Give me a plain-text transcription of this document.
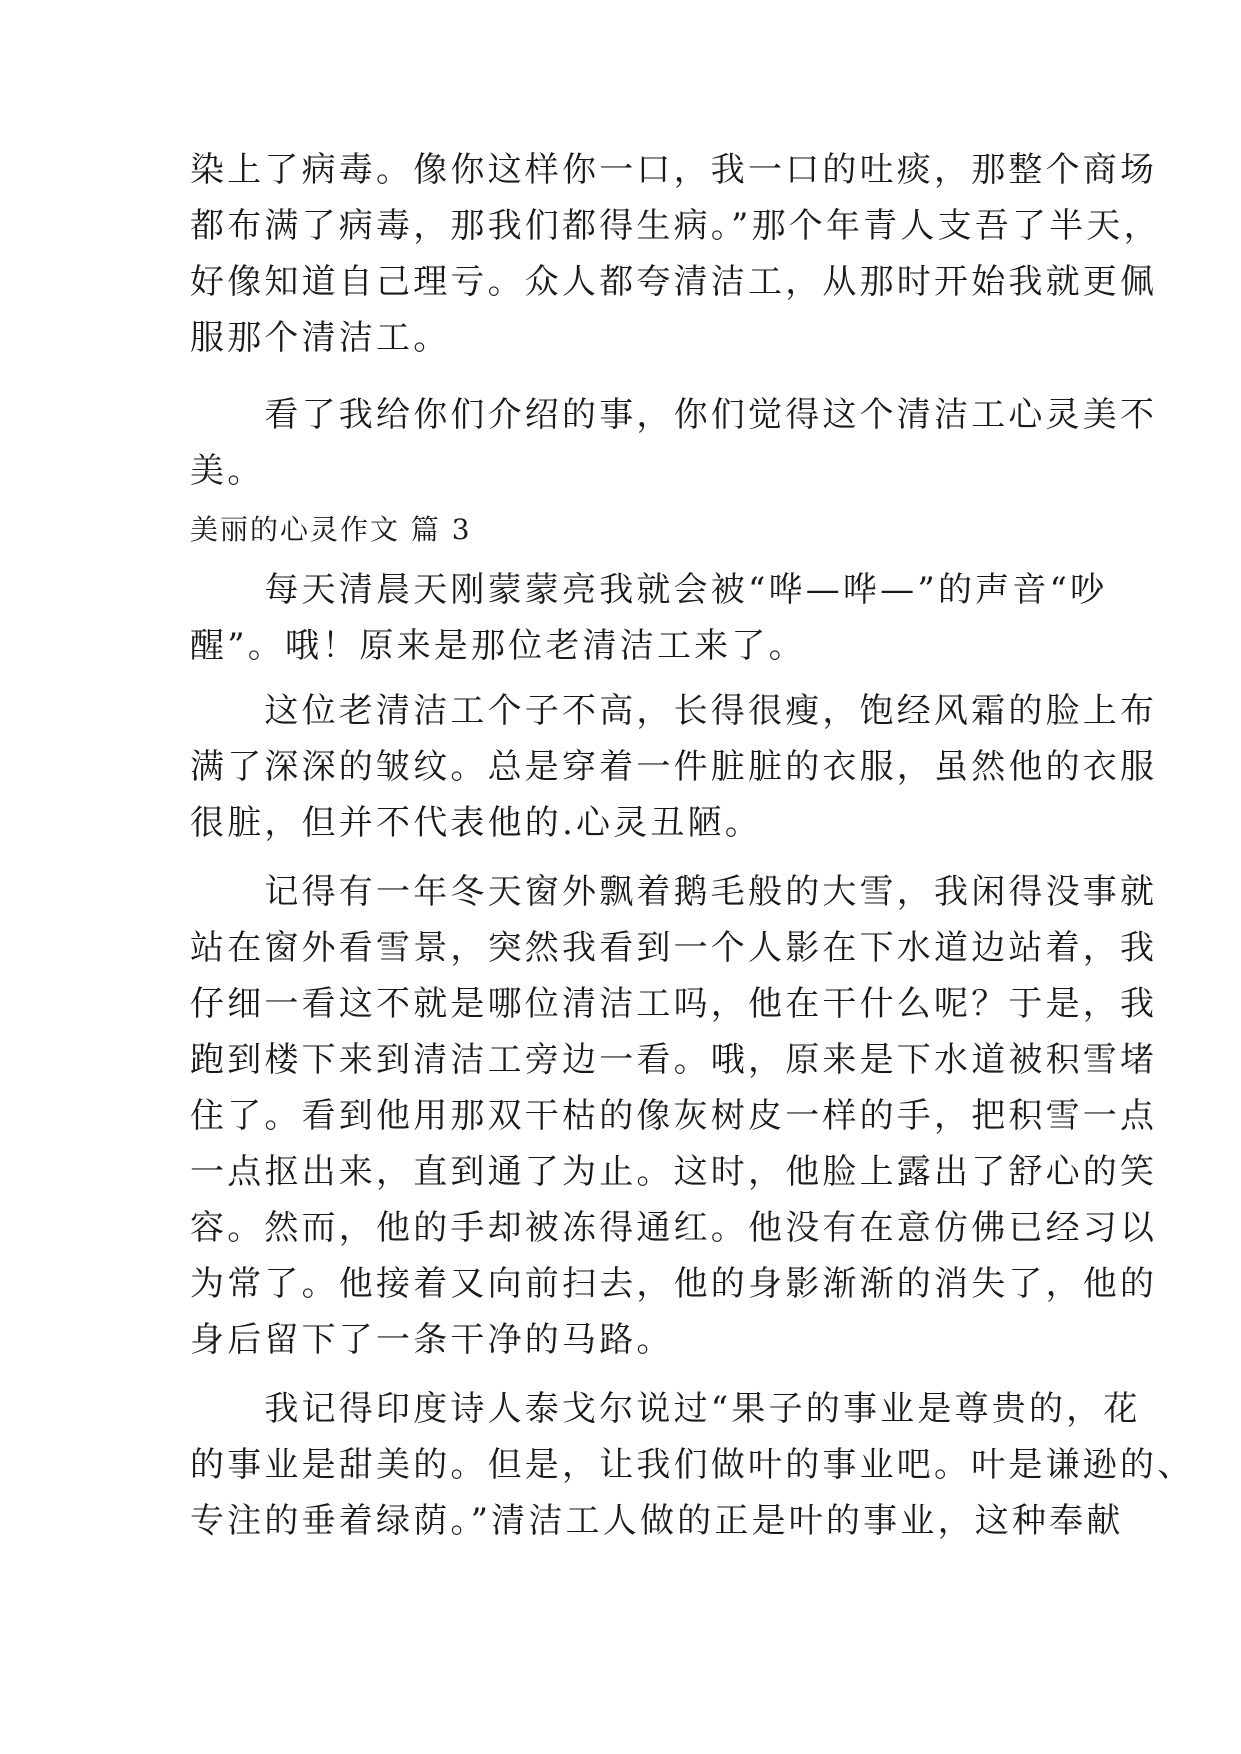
染上了病毒。像你这样你一口，我一口的吐痰，那整个商场
都布满了病毒，那我们都得生病。”那个年青人支吾了半天，
好像知道自己理亏。众人都夸清洁工，从那时开始我就更佩
服那个清洁工。
　　看了我给你们介绍的事，你们觉得这个清洁工心灵美不
美。
美丽的心灵作文 篇 3
　　每天清晨天刚蒙蒙亮我就会被“哗—哗—”的声音“吵
醒”。哦！原来是那位老清洁工来了。
　　这位老清洁工个子不高，长得很瘦，饱经风霜的脸上布
满了深深的皱纹。总是穿着一件脏脏的衣服，虽然他的衣服
很脏，但并不代表他的.心灵丑陋。
　　记得有一年冬天窗外飘着鹅毛般的大雪，我闲得没事就
站在窗外看雪景，突然我看到一个人影在下水道边站着，我
仔细一看这不就是哪位清洁工吗，他在干什么呢？于是，我
跑到楼下来到清洁工旁边一看。哦，原来是下水道被积雪堵
住了。看到他用那双干枯的像灰树皮一样的手，把积雪一点
一点抠出来，直到通了为止。这时，他脸上露出了舒心的笑
容。然而，他的手却被冻得通红。他没有在意仿佛已经习以
为常了。他接着又向前扫去，他的身影渐渐的消失了，他的
身后留下了一条干净的马路。
　　我记得印度诗人泰戈尔说过“果子的事业是尊贵的，花
的事业是甜美的。但是，让我们做叶的事业吧。叶是谦逊的、
专注的垂着绿荫。”清洁工人做的正是叶的事业，这种奉献
